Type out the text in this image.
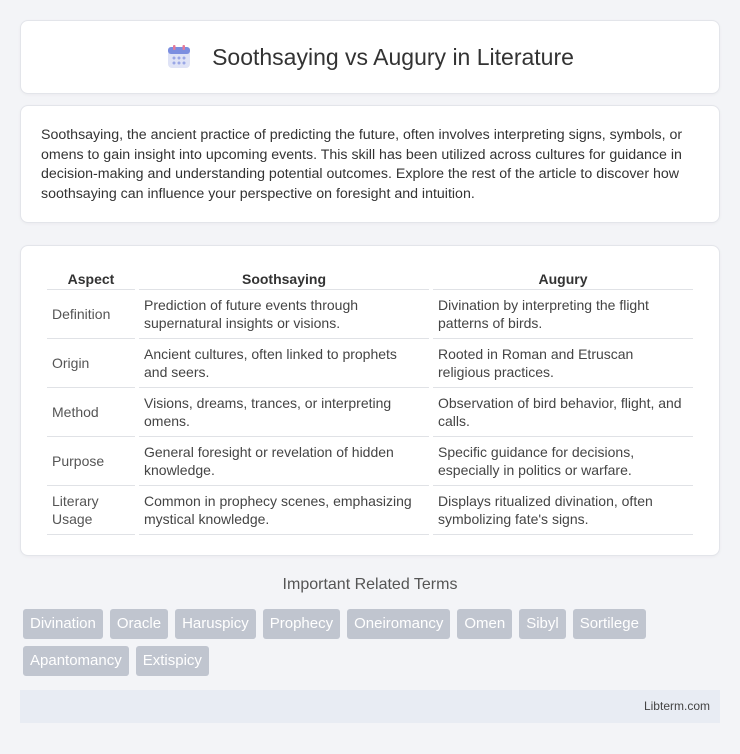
Soothsaying vs Augury in Literature

Soothsaying, the ancient practice of predicting the future, often involves interpreting signs, symbols, or omens to gain insight into upcoming events. This skill has been utilized across cultures for guidance in decision-making and understanding potential outcomes. Explore the rest of the article to discover how soothsaying can influence your perspective on foresight and intuition.

Aspect	Soothsaying	Augury
Definition	Prediction of future events through supernatural insights or visions.	Divination by interpreting the flight patterns of birds.
Origin	Ancient cultures, often linked to prophets and seers.	Rooted in Roman and Etruscan religious practices.
Method	Visions, dreams, trances, or interpreting omens.	Observation of bird behavior, flight, and calls.
Purpose	General foresight or revelation of hidden knowledge.	Specific guidance for decisions, especially in politics or warfare.
Literary Usage	Common in prophecy scenes, emphasizing mystical knowledge.	Displays ritualized divination, often symbolizing fate's signs.
Important Related Terms
Divination	Oracle	Haruspicy	Prophecy	Oneiromancy	Omen	Sibyl	Sortilege
Apantomancy	Extispicy
Libterm.com
